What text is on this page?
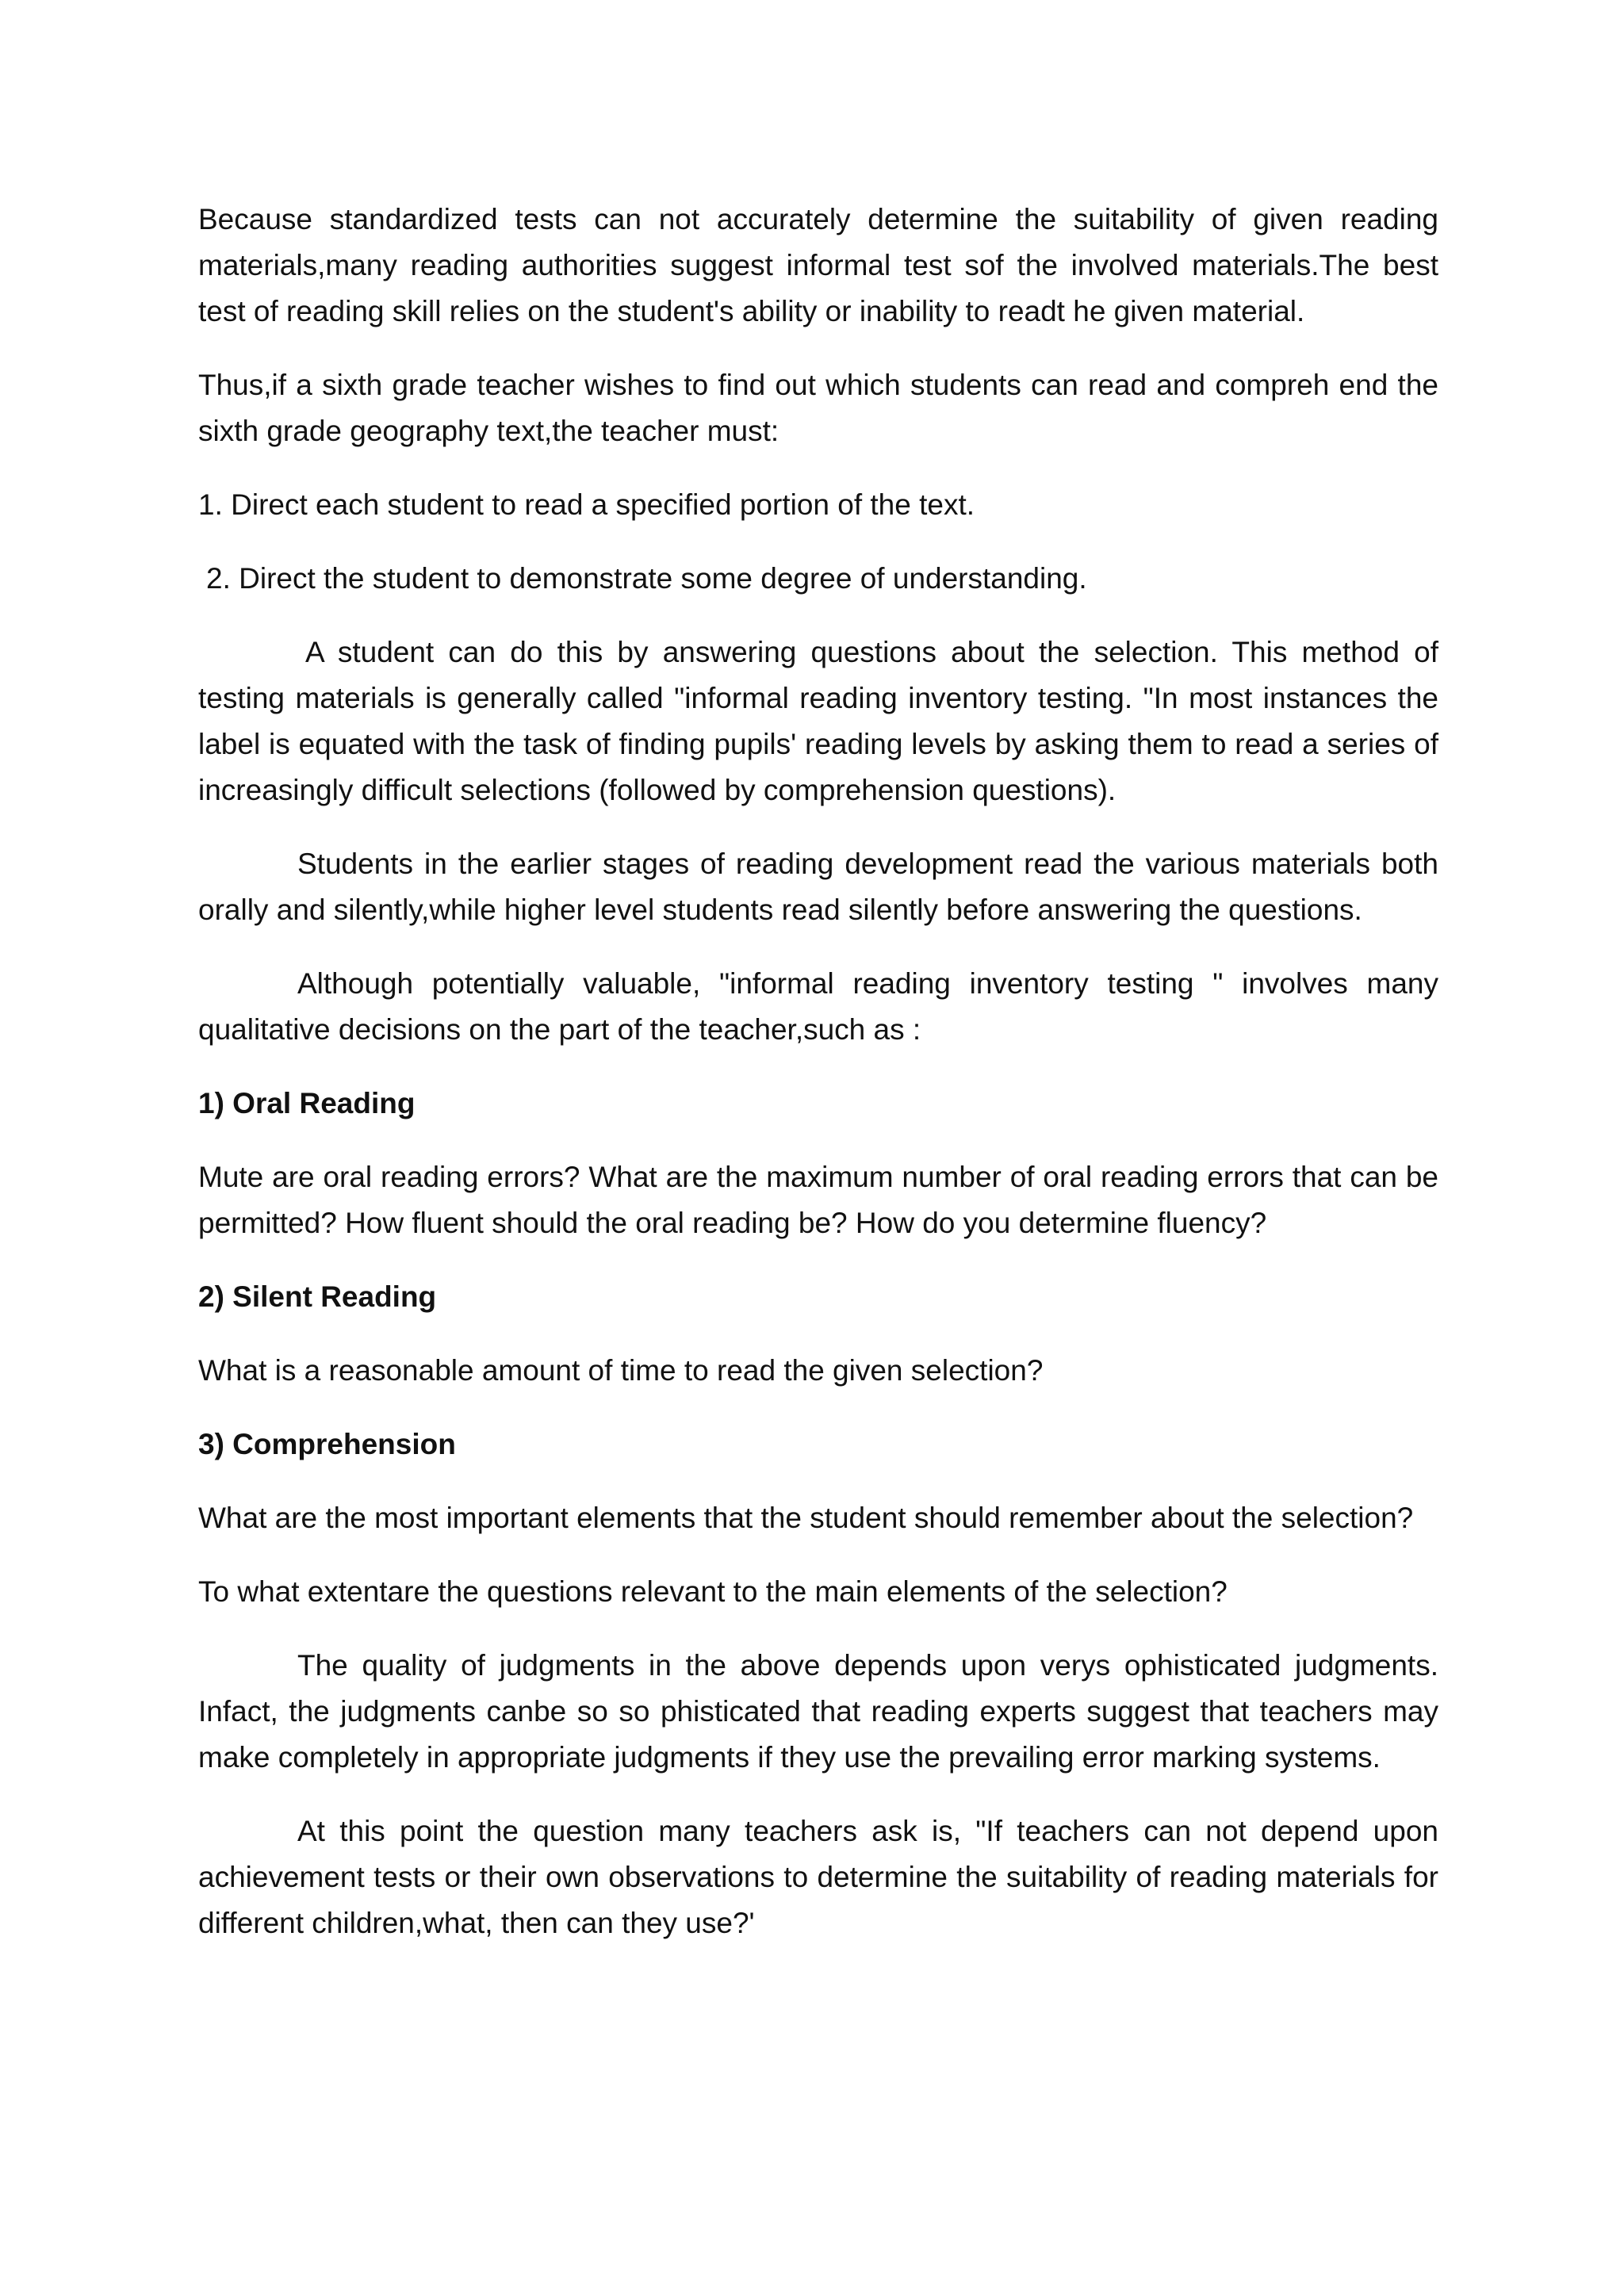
Because standardized tests can not accurately determine the suitability of given reading materials,many reading authorities suggest informal test sof the involved materials.The best test of reading skill relies on the student's ability or inability to readt he given material.

Thus,if a sixth grade teacher wishes to find out which students can read and compreh end the sixth grade geography text,the teacher must:

1. Direct each student to read a specified portion of the text.

2. Direct the student to demonstrate some degree of understanding.

A student can do this by answering questions about the selection. This method of testing materials is generally called "informal reading inventory testing. "In most instances the label is equated with the task of finding pupils' reading levels by asking them to read a series of increasingly difficult selections (followed by comprehension questions).

Students in the earlier stages of reading development read the various materials both orally and silently,while higher level students read silently before answering the questions.

Although potentially valuable, "informal reading inventory testing " involves many qualitative decisions on the part of the teacher,such as :

1) Oral Reading

Mute are oral reading errors? What are the maximum number of oral reading errors that can be permitted? How fluent should the oral reading be? How do you determine fluency?

2) Silent Reading

What is a reasonable amount of time to read the given selection?

3) Comprehension

What are the most important elements that the student should remember about the selection?

To what extentare the questions relevant to the main elements of the selection?

The quality of judgments in the above depends upon verys ophisticated judgments. Infact, the judgments canbe so so phisticated that reading experts suggest that teachers may make completely in appropriate judgments if they use the prevailing error marking systems.

At this point the question many teachers ask is, "If teachers can not depend upon achievement tests or their own observations to determine the suitability of reading materials for different children,what, then can they use?'
